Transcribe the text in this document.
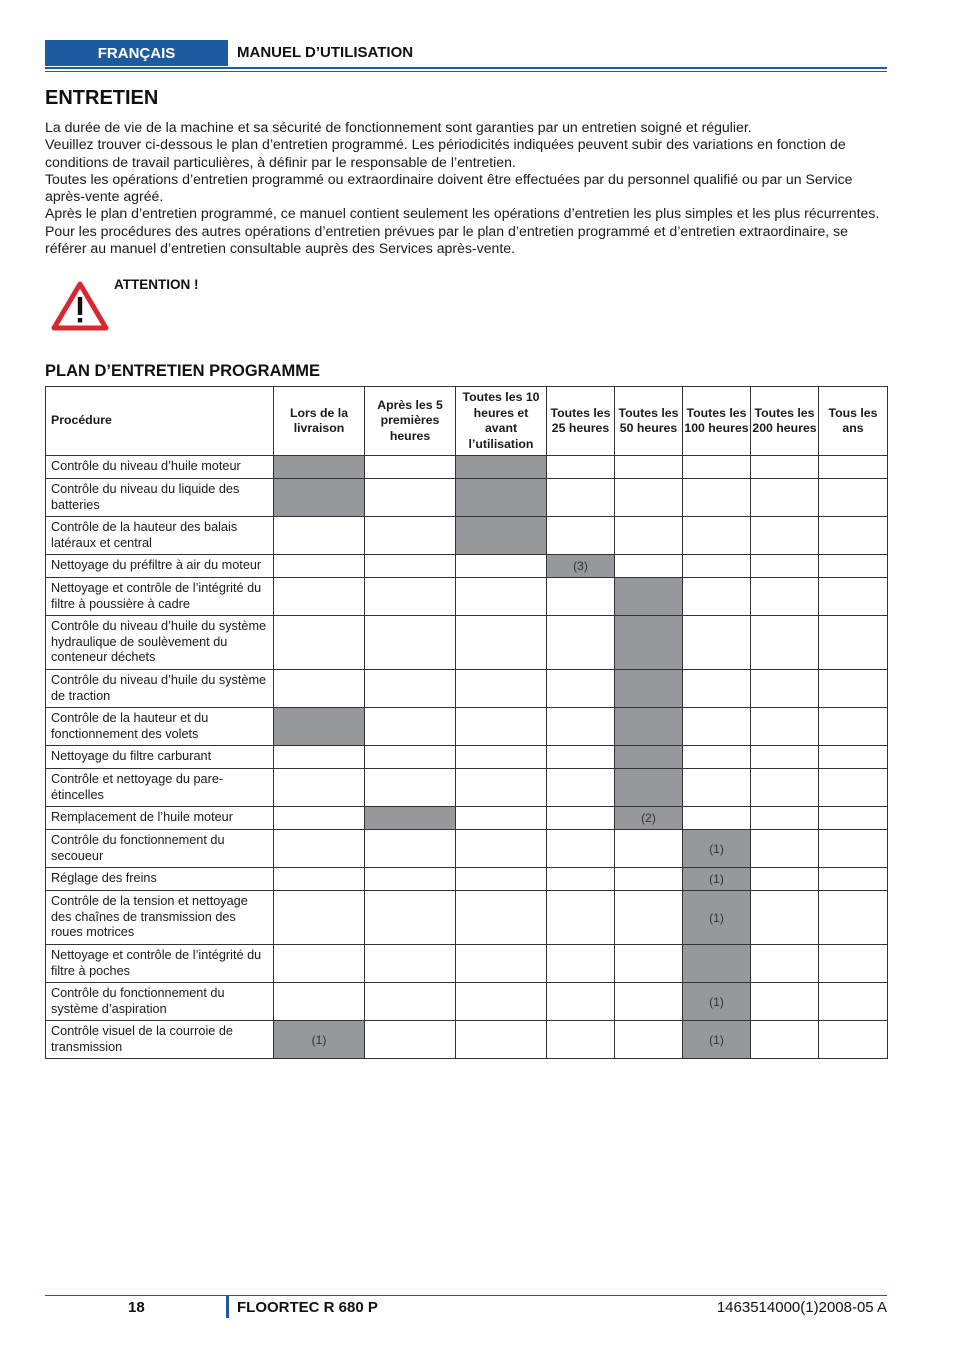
FRANÇAIS	MANUEL D’UTILISATION
ENTRETIEN

La durée de vie de la machine et sa sécurité de fonctionnement sont garanties par un entretien soigné et régulier.

Veuillez trouver ci-dessous le plan d’entretien programmé. Les périodicités indiquées peuvent subir des variations en fonction de conditions de travail particulières, à définir par le responsable de l’entretien.

Toutes les opérations d’entretien programmé ou extraordinaire doivent être effectuées par du personnel qualifié ou par un Service après-vente agréé.

Après le plan d’entretien programmé, ce manuel contient seulement les opérations d’entretien les plus simples et les plus récurrentes.

Pour les procédures des autres opérations d’entretien prévues par le plan d’entretien programmé et d’entretien extraordinaire, se référer au manuel d’entretien consultable auprès des Services après-vente.

ATTENTION !
PLAN D’ENTRETIEN PROGRAMME
Procédure	Lors de la livraison	Après les 5 premières heures	Toutes les 10 heures et avant l’utilisation	Toutes les 25 heures	Toutes les 50 heures	Toutes les 100 heures	Toutes les 200 heures	Tous les ans
Contrôle du niveau d’huile moteur								
Contrôle du niveau du liquide des batteries								
Contrôle de la hauteur des balais latéraux et central								
Nettoyage du préfiltre à air du moteur				(3)				
Nettoyage et contrôle de l’intégrité du filtre à poussière à cadre								
Contrôle du niveau d’huile du système hydraulique de soulèvement du conteneur déchets								
Contrôle du niveau d’huile du système de traction								
Contrôle de la hauteur et du fonctionnement des volets								
Nettoyage du filtre carburant								
Contrôle et nettoyage du pare-étincelles								
Remplacement de l’huile moteur					(2)			
Contrôle du fonctionnement du secoueur						(1)		
Réglage des freins						(1)		
Contrôle de la tension et nettoyage des chaînes de transmission des roues motrices						(1)		
Nettoyage et contrôle de l’intégrité du filtre à poches								
Contrôle du fonctionnement du système d’aspiration						(1)		
Contrôle visuel de la courroie de transmission	(1)					(1)		
18	FLOORTEC R 680 P	1463514000(1)2008-05 A
